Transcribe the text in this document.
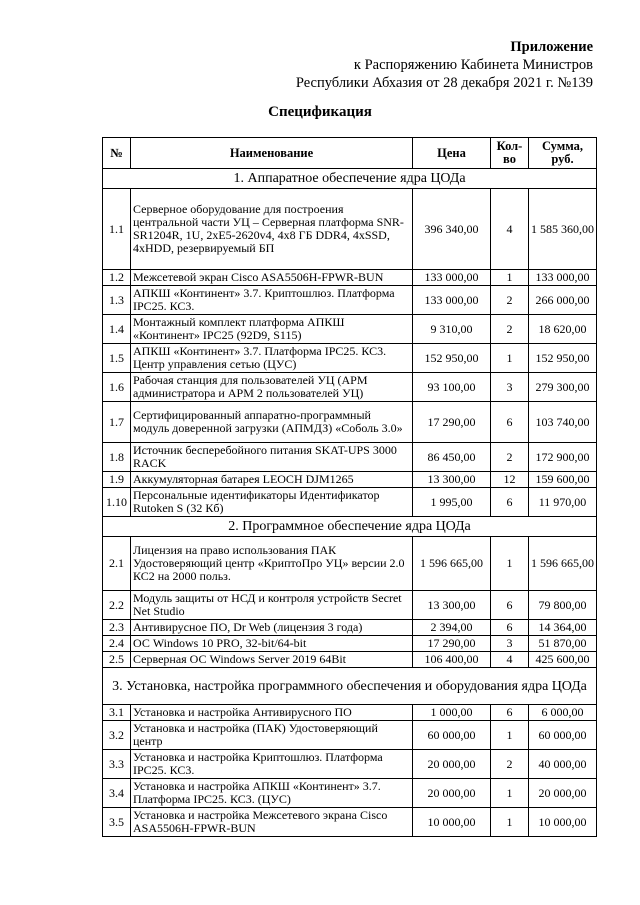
Приложение
к Распоряжению Кабинета Министров
Республики Абхазия от 28 декабря 2021 г. №139
Спецификация
№	Наименование	Цена	Кол-во	Сумма, руб.
1. Аппаратное обеспечение ядра ЦОДа				
1.1	Серверное оборудование для построения центральной части УЦ – Серверная платформа SNR-SR1204R, 1U, 2xE5-2620v4, 4x8 ГБ DDR4, 4xSSD, 4xHDD, резервируемый БП	396 340,00	4	1 585 360,00
1.2	Межсетевой экран Cisco ASA5506H-FPWR-BUN	133 000,00	1	133 000,00
1.3	АПКШ «Континент» 3.7. Криптошлюз. Платформа IPC25. КС3.	133 000,00	2	266 000,00
1.4	Монтажный комплект платформа АПКШ «Континент» IPC25 (92D9, S115)	9 310,00	2	18 620,00
1.5	АПКШ «Континент» 3.7. Платформа IPC25. КС3. Центр управления сетью (ЦУС)	152 950,00	1	152 950,00
1.6	Рабочая станция для пользователей УЦ (АРМ администратора и АРМ 2 пользователей УЦ)	93 100,00	3	279 300,00
1.7	Сертифицированный аппаратно-программный модуль доверенной загрузки (АПМДЗ) «Соболь 3.0»	17 290,00	6	103 740,00
1.8	Источник бесперебойного питания SKAT-UPS 3000 RACK	86 450,00	2	172 900,00
1.9	Аккумуляторная батарея LEOCH DJM1265	13 300,00	12	159 600,00
1.10	Персональные идентификаторы Идентификатор Rutoken S (32 Кб)	1 995,00	6	11 970,00
2. Программное обеспечение ядра ЦОДа				
2.1	Лицензия на право использования ПАК Удостоверяющий центр «КриптоПро УЦ» версии 2.0 КС2 на 2000 польз.	1 596 665,00	1	1 596 665,00
2.2	Модуль защиты от НСД и контроля устройств Secret Net Studio	13 300,00	6	79 800,00
2.3	Антивирусное ПО, Dr Web (лицензия 3 года)	2 394,00	6	14 364,00
2.4	ОС Windows 10 PRO, 32-bit/64-bit	17 290,00	3	51 870,00
2.5	Серверная ОС Windows Server 2019 64Bit	106 400,00	4	425 600,00
3. Установка, настройка программного обеспечения и оборудования ядра ЦОДа				
3.1	Установка и настройка Антивирусного ПО	1 000,00	6	6 000,00
3.2	Установка и настройка (ПАК) Удостоверяющий центр	60 000,00	1	60 000,00
3.3	Установка и настройка Криптошлюз. Платформа IPC25. КС3.	20 000,00	2	40 000,00
3.4	Установка и настройка АПКШ «Континент» 3.7. Платформа IPC25. КС3. (ЦУС)	20 000,00	1	20 000,00
3.5	Установка и настройка Межсетевого экрана Cisco ASA5506H-FPWR-BUN	10 000,00	1	10 000,00
